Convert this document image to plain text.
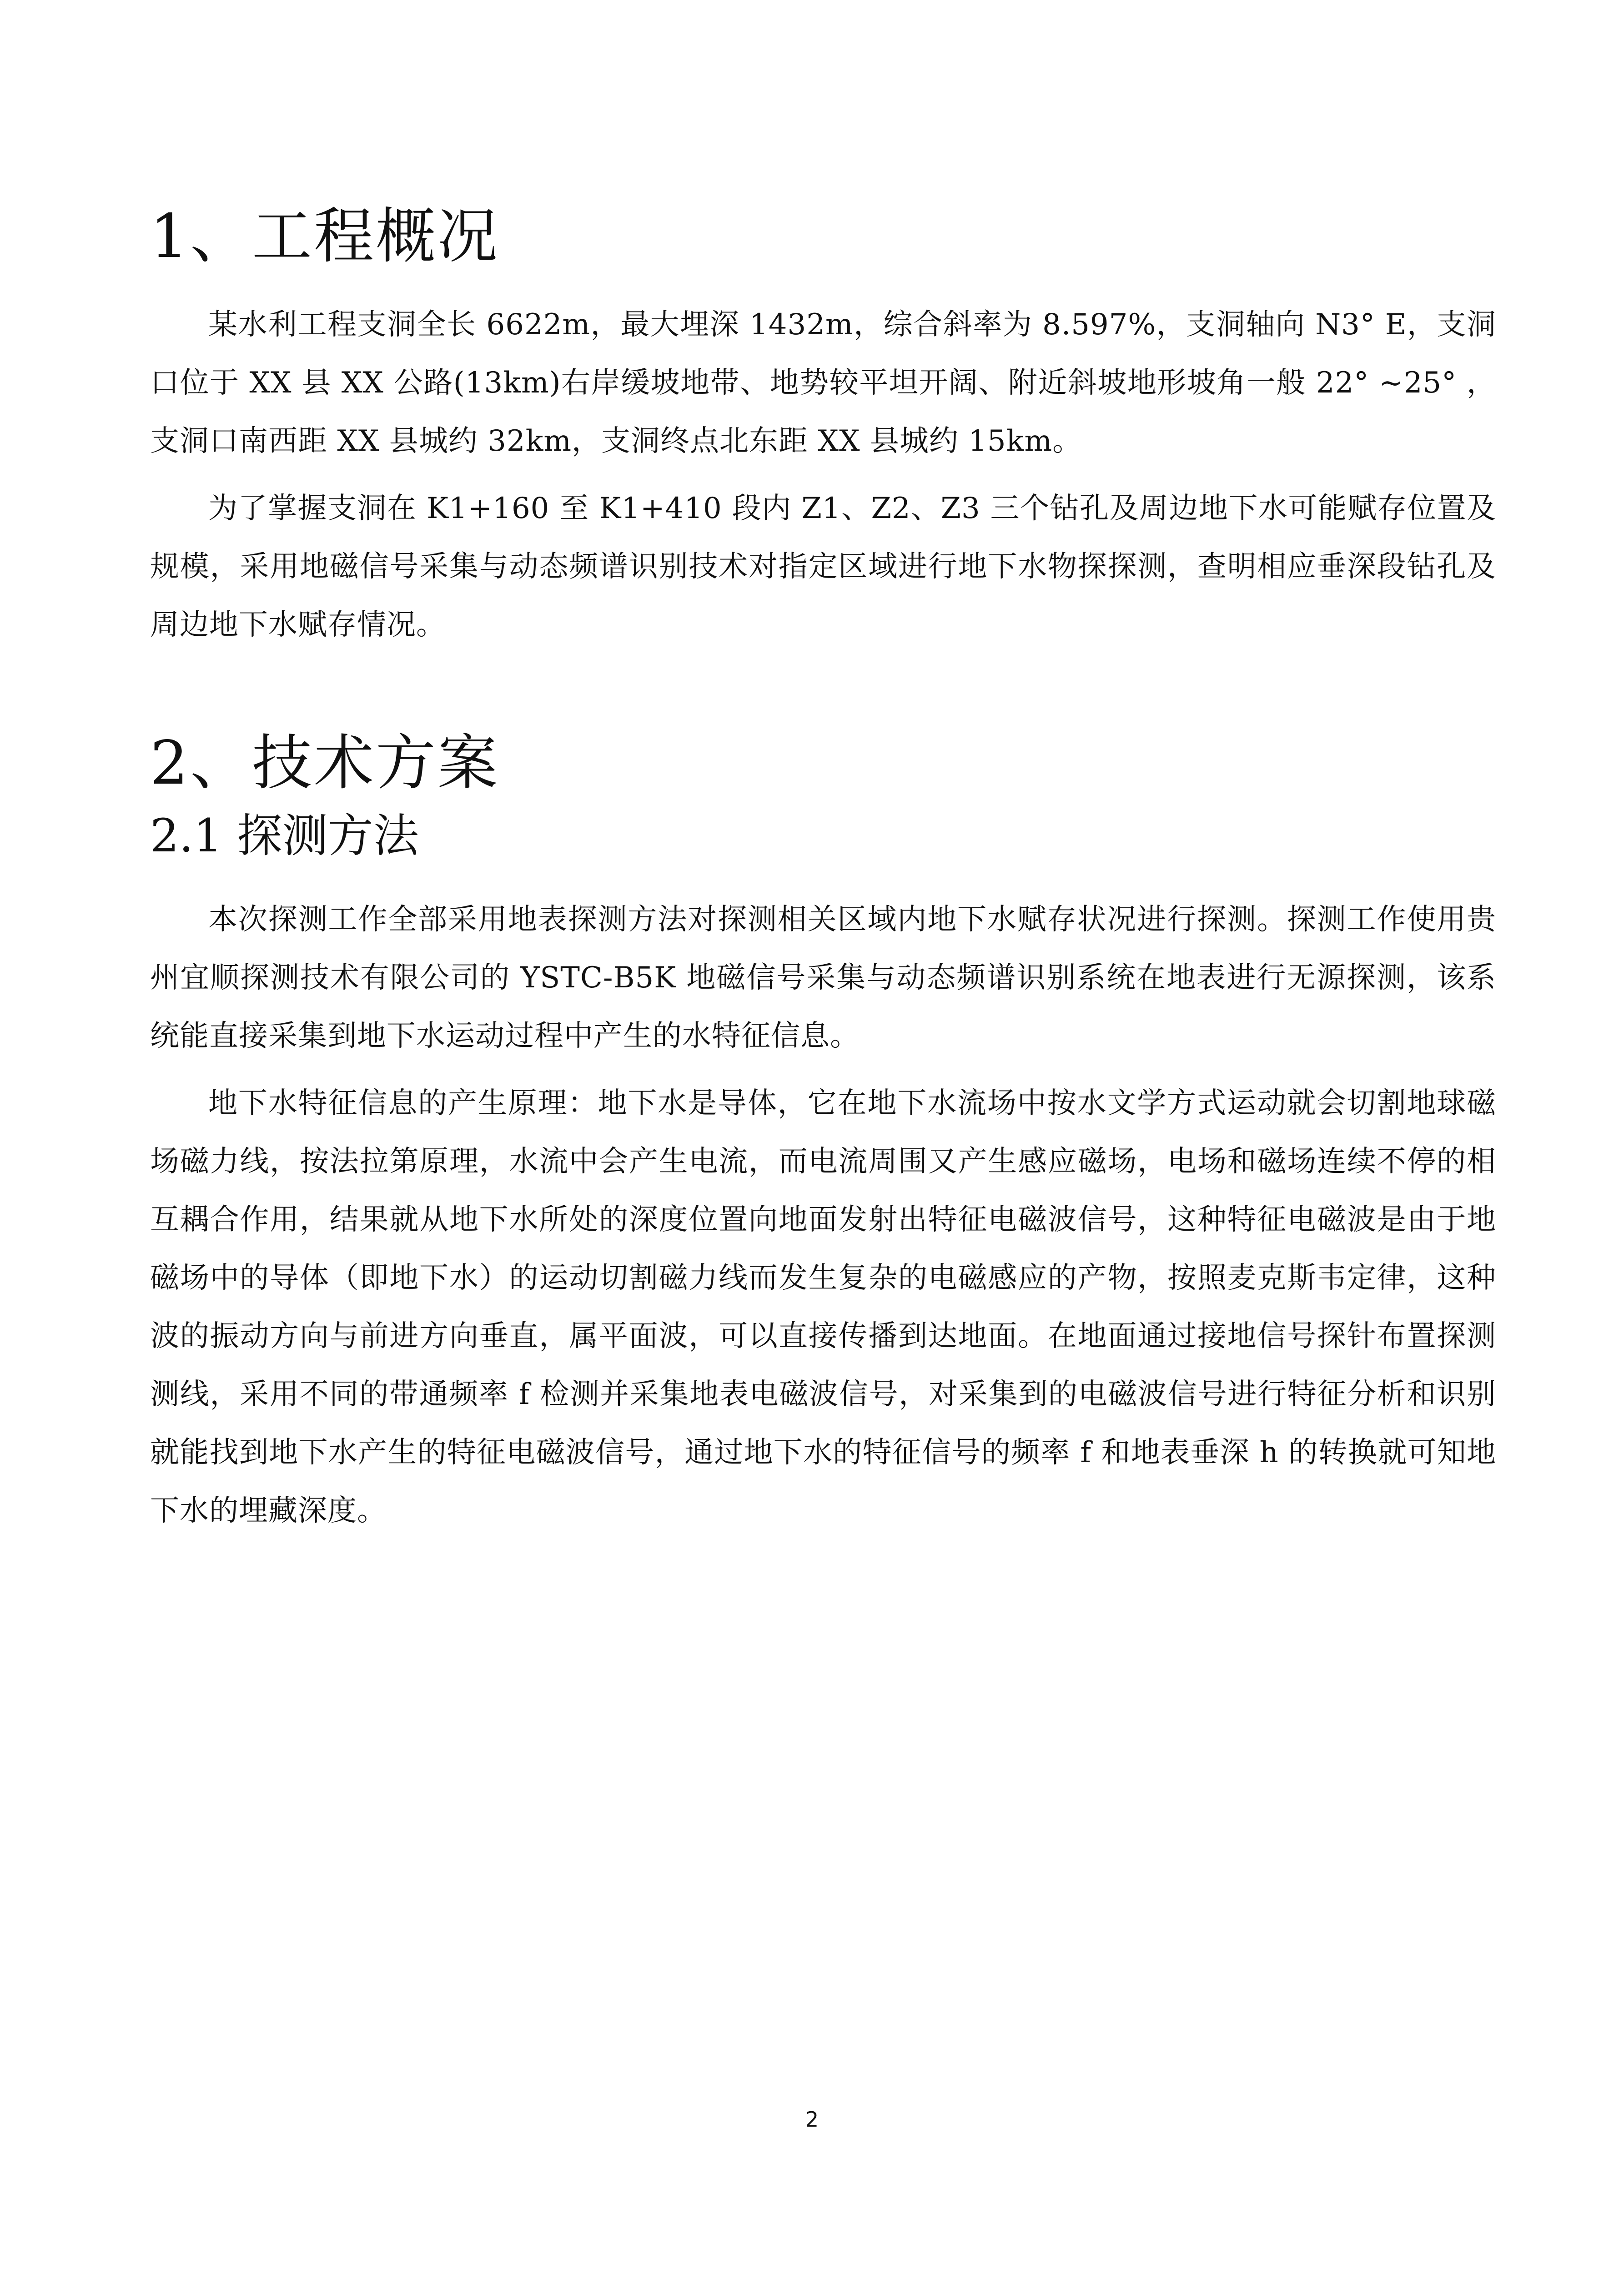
1、工程概况

某水利工程支洞全长 6622m，最大埋深 1432m，综合斜率为 8.597%，支洞轴向 N3° E，支洞口位于 XX 县 XX 公路(13km)右岸缓坡地带、地势较平坦开阔、附近斜坡地形坡角一般 22° ~25° ，支洞口南西距 XX 县城约 32km，支洞终点北东距 XX 县城约 15km。

为了掌握支洞在 K1+160 至 K1+410 段内 Z1、Z2、Z3 三个钻孔及周边地下水可能赋存位置及规模，采用地磁信号采集与动态频谱识别技术对指定区域进行地下水物探探测，查明相应垂深段钻孔及周边地下水赋存情况。

2、技术方案
2.1 探测方法

本次探测工作全部采用地表探测方法对探测相关区域内地下水赋存状况进行探测。探测工作使用贵州宜顺探测技术有限公司的 YSTC-B5K 地磁信号采集与动态频谱识别系统在地表进行无源探测，该系统能直接采集到地下水运动过程中产生的水特征信息。

地下水特征信息的产生原理：地下水是导体，它在地下水流场中按水文学方式运动就会切割地球磁场磁力线，按法拉第原理，水流中会产生电流，而电流周围又产生感应磁场，电场和磁场连续不停的相互耦合作用，结果就从地下水所处的深度位置向地面发射出特征电磁波信号，这种特征电磁波是由于地磁场中的导体（即地下水）的运动切割磁力线而发生复杂的电磁感应的产物，按照麦克斯韦定律，这种波的振动方向与前进方向垂直，属平面波，可以直接传播到达地面。在地面通过接地信号探针布置探测测线，采用不同的带通频率 f 检测并采集地表电磁波信号，对采集到的电磁波信号进行特征分析和识别就能找到地下水产生的特征电磁波信号，通过地下水的特征信号的频率 f 和地表垂深 h 的转换就可知地下水的埋藏深度。

2
